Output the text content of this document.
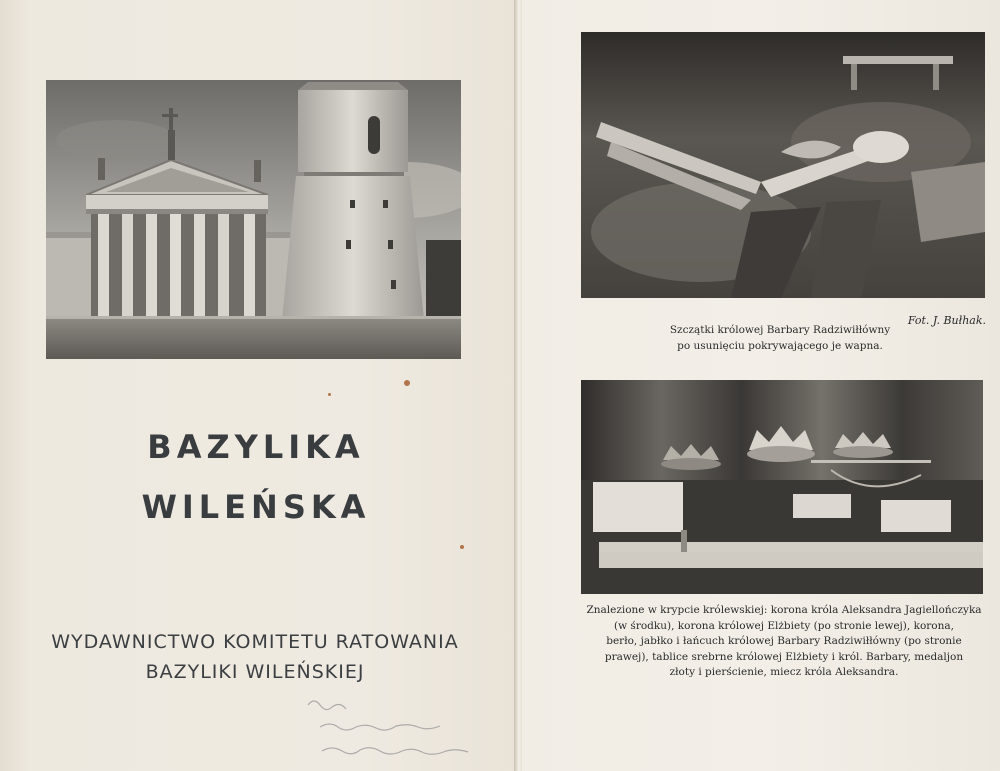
BAZYLIKA
WILEŃSKA
WYDAWNICTWO KOMITETU RATOWANIA
BAZYLIKI WILEŃSKIEJ
Fot. J. Bułhak.
Szczątki królowej Barbary Radziwiłłówny
po usunięciu pokrywającego je wapna.
Znalezione w krypcie królewskiej: korona króla Aleksandra Jagiellończyka (w środku), korona królowej Elżbiety (po stronie lewej), korona,
berło, jabłko i łańcuch królowej Barbary Radziwiłłówny (po stronie
prawej), tablice srebrne królowej Elżbiety i król. Barbary, medaljon
złoty i pierścienie, miecz króla Aleksandra.
